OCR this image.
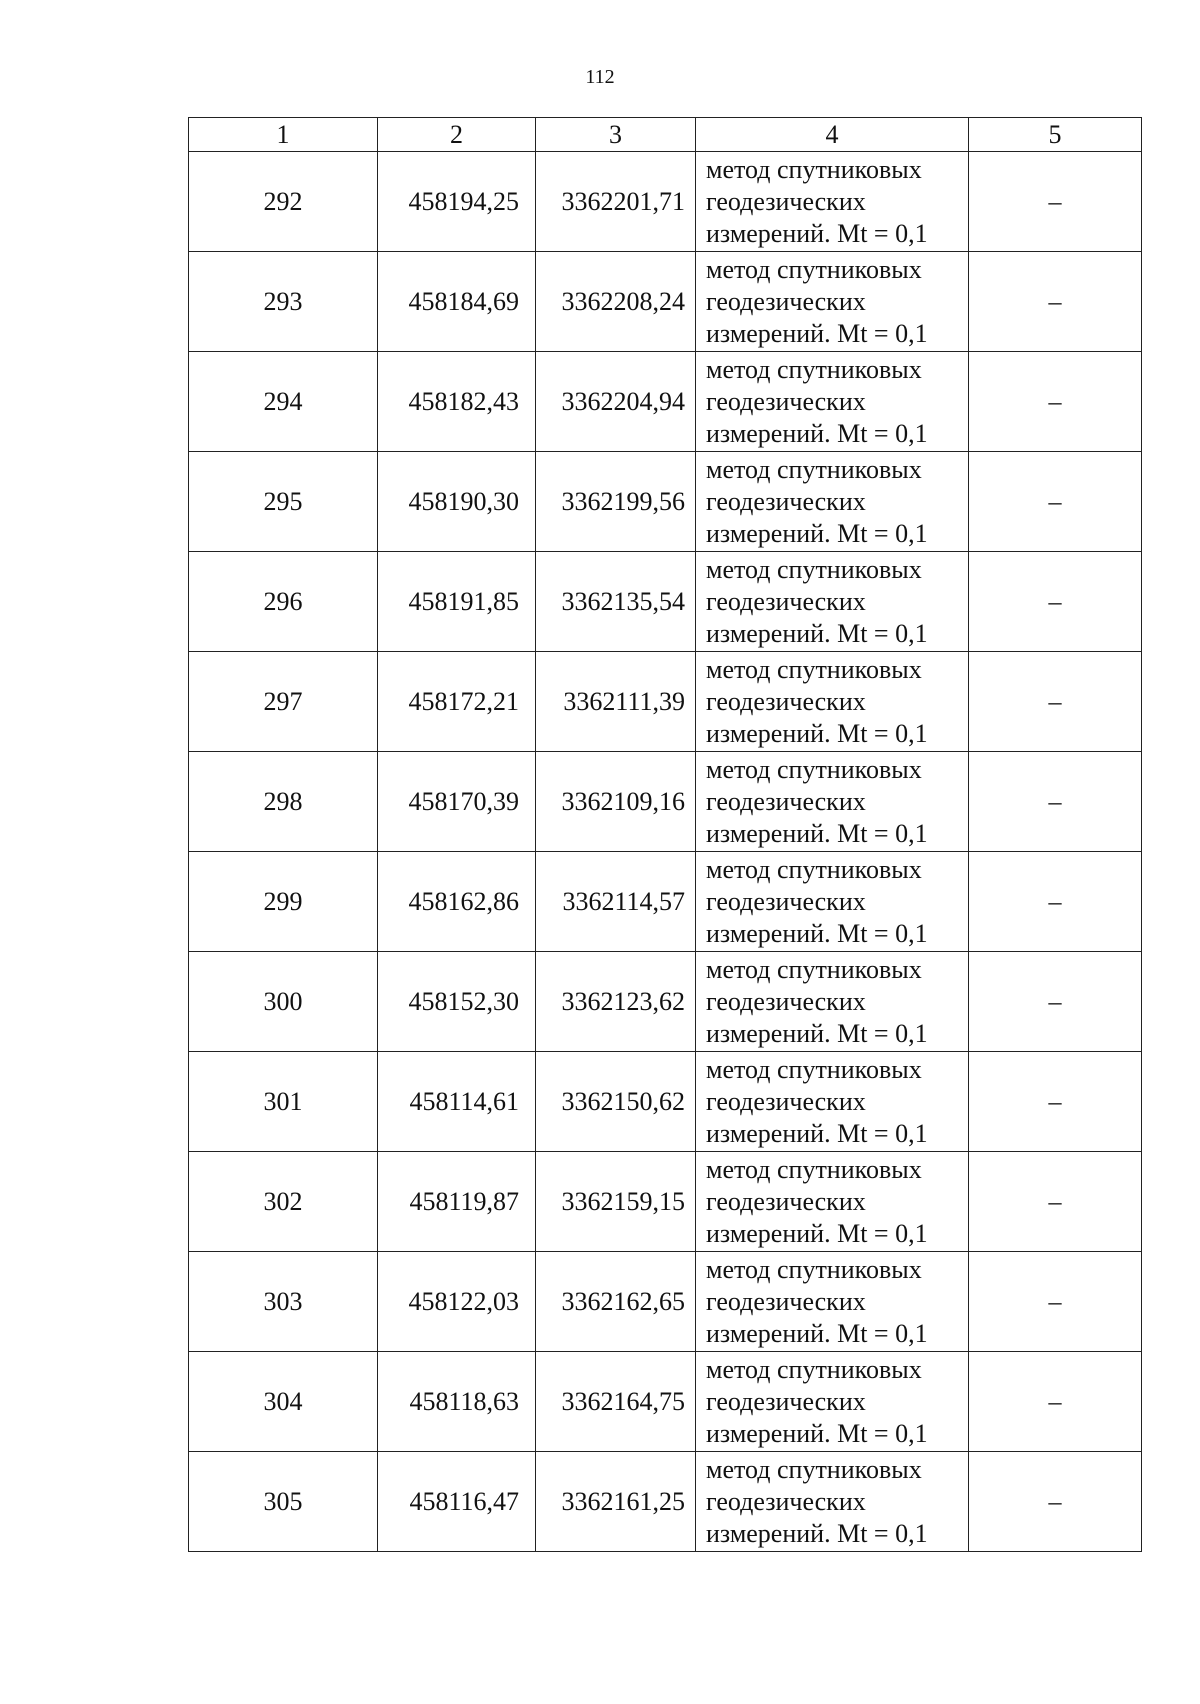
112
1	2	3	4	5
292	458194,25	3362201,71	метод спутниковых
геодезических
измерений. Mt = 0,1	–
293	458184,69	3362208,24	метод спутниковых
геодезических
измерений. Mt = 0,1	–
294	458182,43	3362204,94	метод спутниковых
геодезических
измерений. Mt = 0,1	–
295	458190,30	3362199,56	метод спутниковых
геодезических
измерений. Mt = 0,1	–
296	458191,85	3362135,54	метод спутниковых
геодезических
измерений. Mt = 0,1	–
297	458172,21	3362111,39	метод спутниковых
геодезических
измерений. Mt = 0,1	–
298	458170,39	3362109,16	метод спутниковых
геодезических
измерений. Mt = 0,1	–
299	458162,86	3362114,57	метод спутниковых
геодезических
измерений. Mt = 0,1	–
300	458152,30	3362123,62	метод спутниковых
геодезических
измерений. Mt = 0,1	–
301	458114,61	3362150,62	метод спутниковых
геодезических
измерений. Mt = 0,1	–
302	458119,87	3362159,15	метод спутниковых
геодезических
измерений. Mt = 0,1	–
303	458122,03	3362162,65	метод спутниковых
геодезических
измерений. Mt = 0,1	–
304	458118,63	3362164,75	метод спутниковых
геодезических
измерений. Mt = 0,1	–
305	458116,47	3362161,25	метод спутниковых
геодезических
измерений. Mt = 0,1	–
